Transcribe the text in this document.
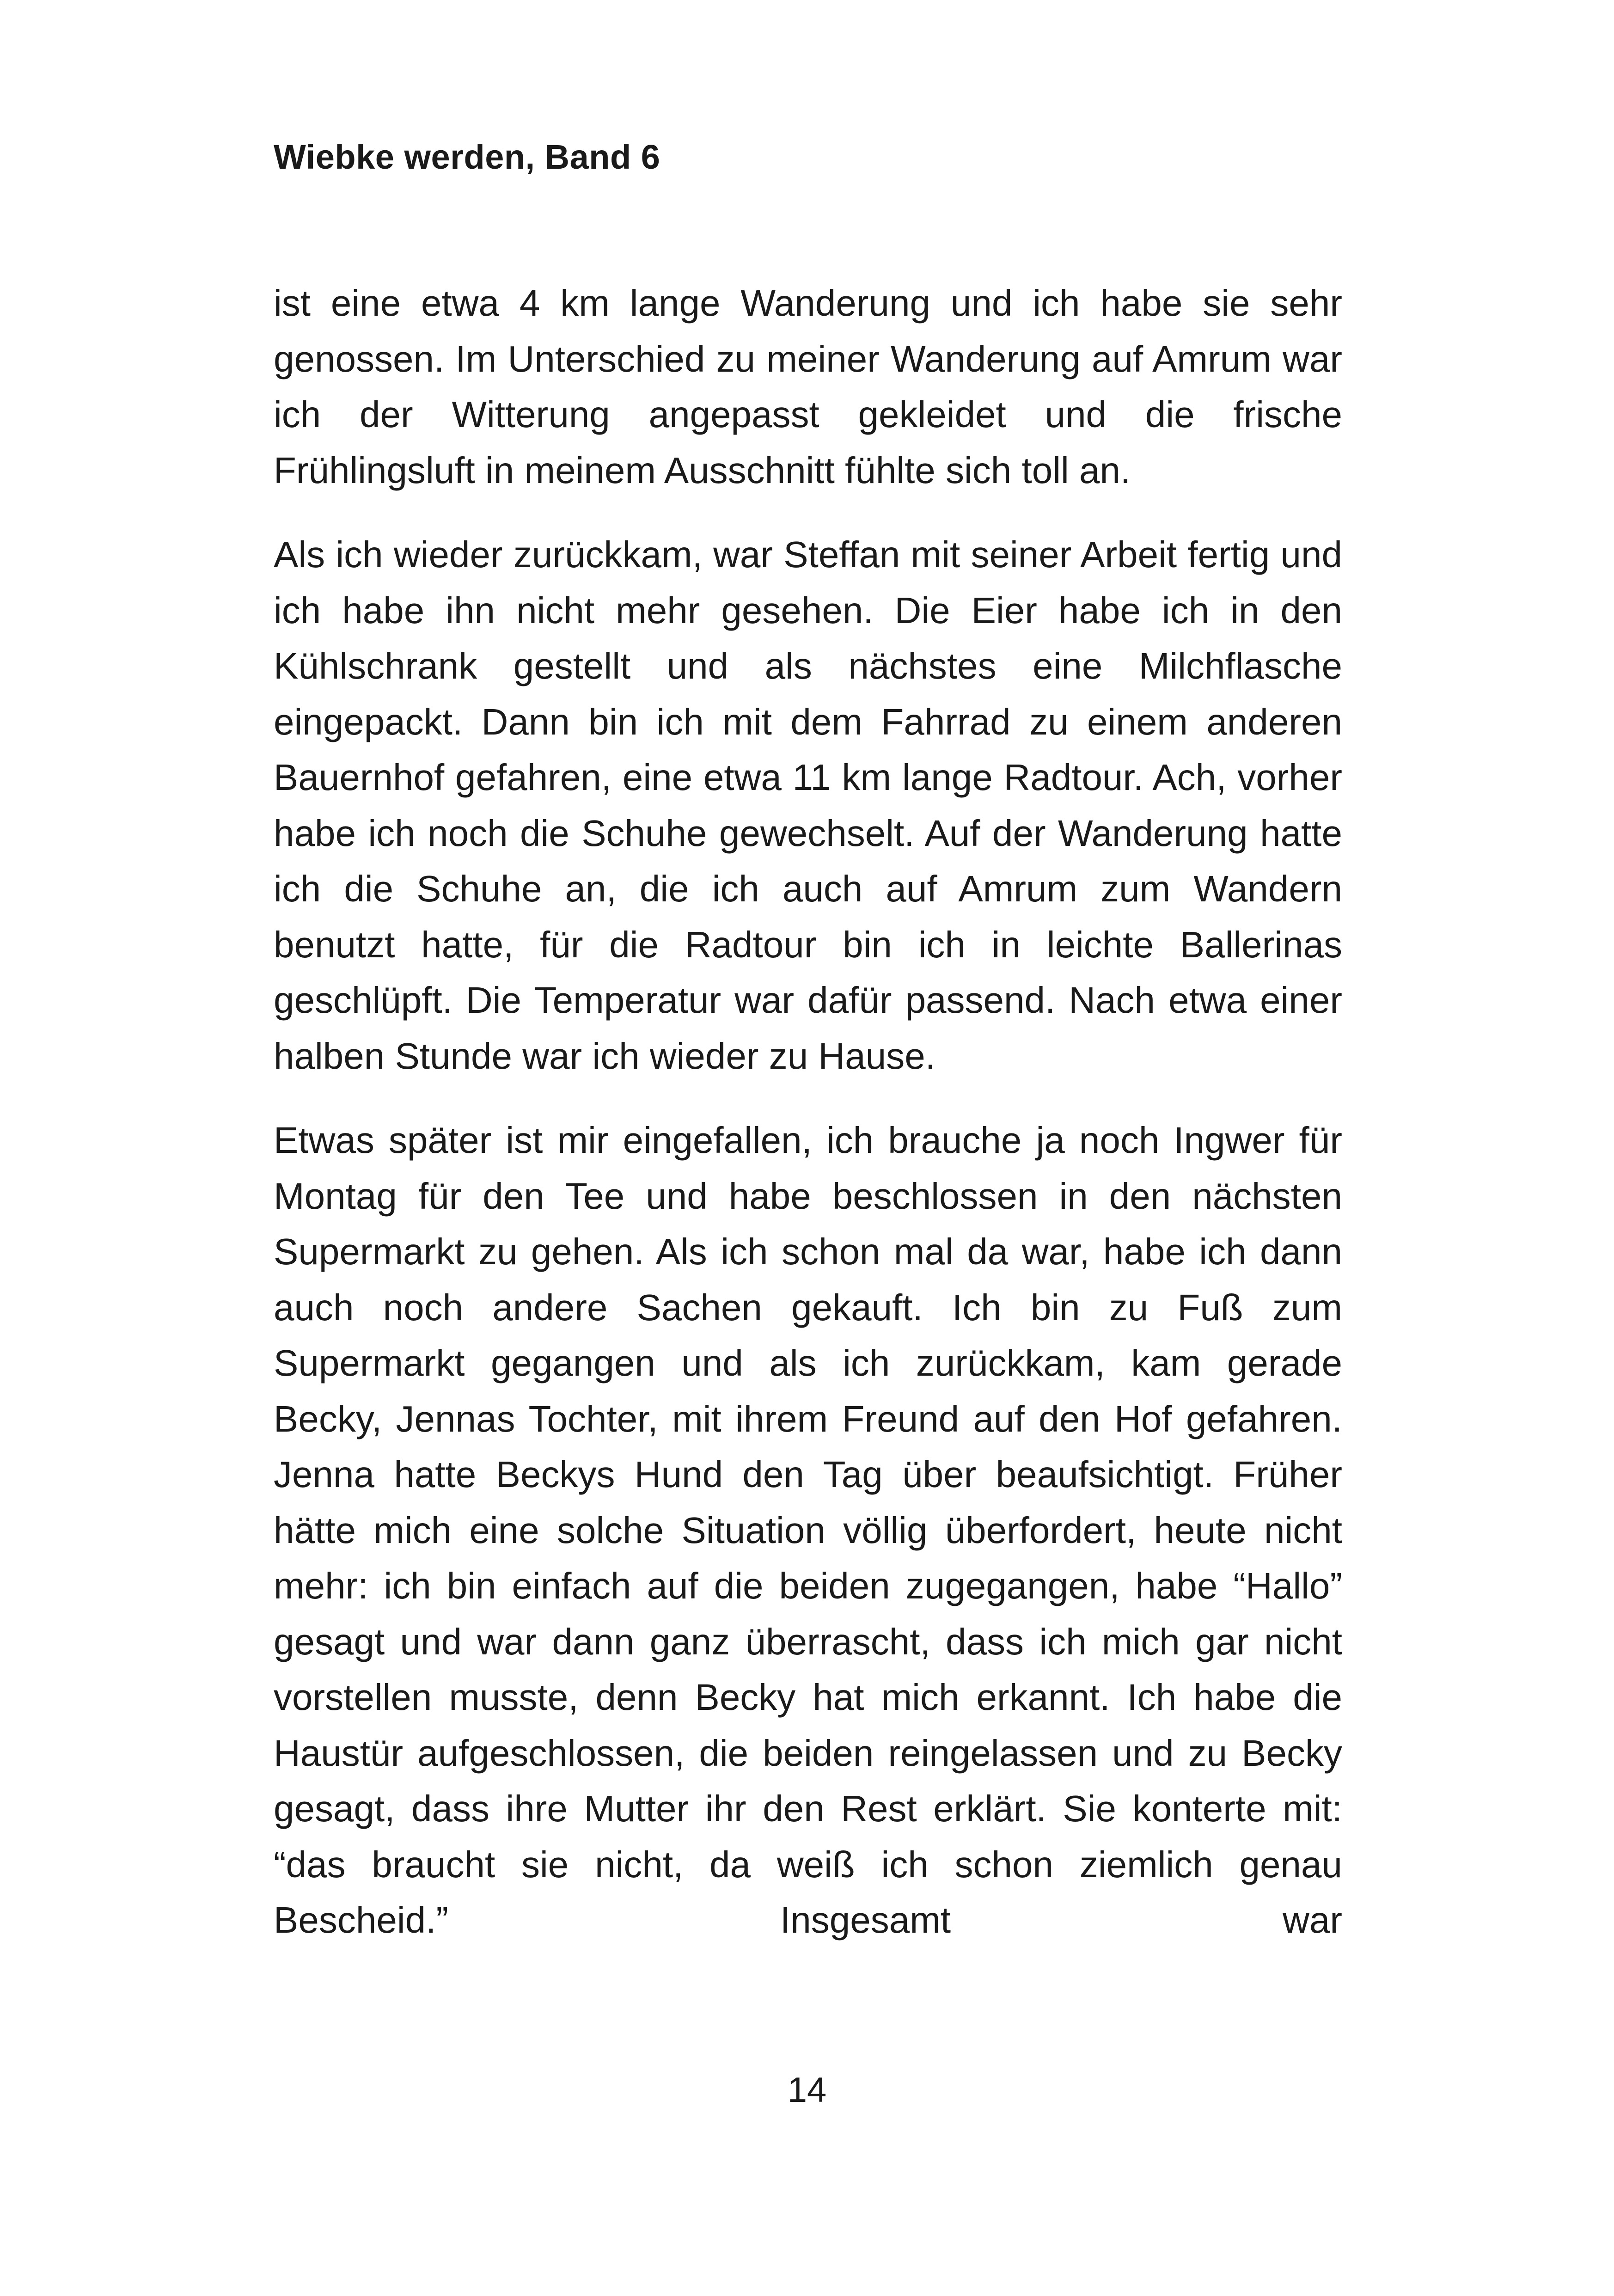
Wiebke werden, Band 6

ist eine etwa 4 km lange Wanderung und ich habe sie sehr genossen. Im Unterschied zu meiner Wanderung auf Amrum war ich der Witterung angepasst gekleidet und die frische Frühlingsluft in meinem Ausschnitt fühlte sich toll an.

Als ich wieder zurückkam, war Steffan mit seiner Arbeit fertig und ich habe ihn nicht mehr gesehen. Die Eier habe ich in den Kühlschrank gestellt und als nächstes eine Milchflasche eingepackt. Dann bin ich mit dem Fahrrad zu einem anderen Bauernhof gefahren, eine etwa 11 km lange Radtour. Ach, vorher habe ich noch die Schuhe gewechselt. Auf der Wanderung hatte ich die Schuhe an, die ich auch auf Amrum zum Wandern benutzt hatte, für die Radtour bin ich in leichte Ballerinas geschlüpft. Die Temperatur war dafür passend. Nach etwa einer halben Stunde war ich wieder zu Hause.

Etwas später ist mir eingefallen, ich brauche ja noch Ingwer für Montag für den Tee und habe beschlossen in den nächsten Supermarkt zu gehen. Als ich schon mal da war, habe ich dann auch noch andere Sachen gekauft. Ich bin zu Fuß zum Supermarkt gegangen und als ich zurückkam, kam gerade Becky, Jennas Tochter, mit ihrem Freund auf den Hof gefahren. Jenna hatte Beckys Hund den Tag über beaufsichtigt. Früher hätte mich eine solche Situation völlig überfordert, heute nicht mehr: ich bin einfach auf die beiden zugegangen, habe “Hallo” gesagt und war dann ganz überrascht, dass ich mich gar nicht vorstellen musste, denn Becky hat mich erkannt. Ich habe die Haustür aufgeschlossen, die beiden reingelassen und zu Becky gesagt, dass ihre Mutter ihr den Rest erklärt. Sie konterte mit: “das braucht sie nicht, da weiß ich schon ziemlich genau Bescheid.” Insgesamt war

14
